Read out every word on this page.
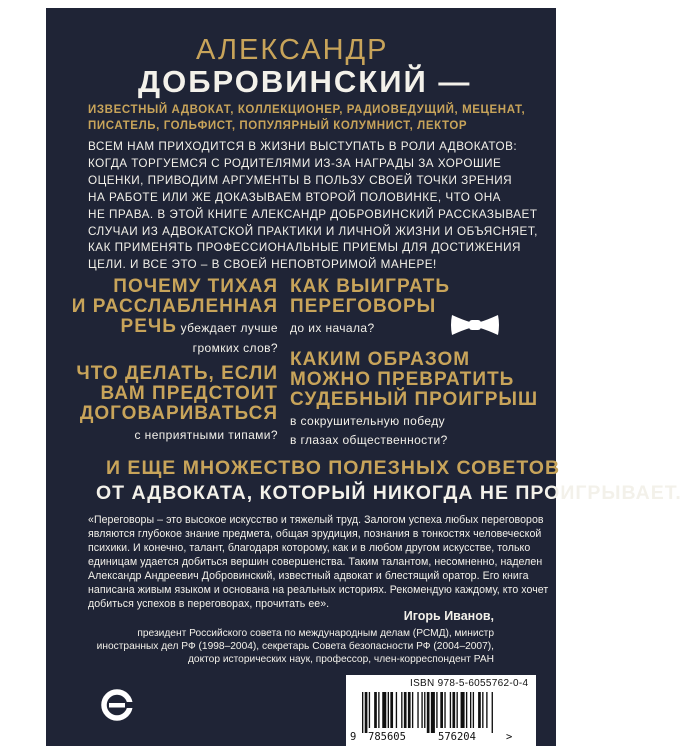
АЛЕКСАНДР
ДОБРОВИНСКИЙ —

ИЗВЕСТНЫЙ АДВОКАТ, КОЛЛЕКЦИОНЕР, РАДИОВЕДУЩИЙ, МЕЦЕНАТ,

ПИСАТЕЛЬ, ГОЛЬФИСТ, ПОПУЛЯРНЫЙ КОЛУМНИСТ, ЛЕКТОР

ВСЕМ НАМ ПРИХОДИТСЯ В ЖИЗНИ ВЫСТУПАТЬ В РОЛИ АДВОКАТОВ:
КОГДА ТОРГУЕМСЯ С РОДИТЕЛЯМИ ИЗ-ЗА НАГРАДЫ ЗА ХОРОШИЕ
ОЦЕНКИ, ПРИВОДИМ АРГУМЕНТЫ В ПОЛЬЗУ СВОЕЙ ТОЧКИ ЗРЕНИЯ
НА РАБОТЕ ИЛИ ЖЕ ДОКАЗЫВАЕМ ВТОРОЙ ПОЛОВИНКЕ, ЧТО ОНА
НЕ ПРАВА. В ЭТОЙ КНИГЕ АЛЕКСАНДР ДОБРОВИНСКИЙ РАССКАЗЫВАЕТ
СЛУЧАИ ИЗ АДВОКАТСКОЙ ПРАКТИКИ И ЛИЧНОЙ ЖИЗНИ И ОБЪЯСНЯЕТ,
КАК ПРИМЕНЯТЬ ПРОФЕССИОНАЛЬНЫЕ ПРИЕМЫ ДЛЯ ДОСТИЖЕНИЯ
ЦЕЛИ. И ВСЕ ЭТО – В СВОЕЙ НЕПОВТОРИМОЙ МАНЕРЕ!
ПОЧЕМУ ТИХАЯ
И РАССЛАБЛЕННАЯ
РЕЧЬ убеждает лучше
громких слов?
КАК ВЫИГРАТЬ
ПЕРЕГОВОРЫ
до их начала?
ЧТО ДЕЛАТЬ, ЕСЛИ
ВАМ ПРЕДСТОИТ
ДОГОВАРИВАТЬСЯ
с неприятными типами?
КАКИМ ОБРАЗОМ
МОЖНО ПРЕВРАТИТЬ
СУДЕБНЫЙ ПРОИГРЫШ
в сокрушительную победу
в глазах общественности?

И ЕЩЕ МНОЖЕСТВО ПОЛЕЗНЫХ СОВЕТОВ

ОТ АДВОКАТА, КОТОРЫЙ НИКОГДА НЕ ПРОИГРЫВАЕТ.

«Переговоры – это высокое искусство и тяжелый труд. Залогом успеха любых переговоров
являются глубокое знание предмета, общая эрудиция, познания в тонкостях человеческой
психики. И конечно, талант, благодаря которому, как и в любом другом искусстве, только
единицам удается добиться вершин совершенства. Таким талантом, несомненно, наделен
Александр Андреевич Добровинский, известный адвокат и блестящий оратор. Его книга
написана живым языком и основана на реальных историях. Рекомендую каждому, кто хочет
добиться успехов в переговорах, прочитать ее».

Игорь Иванов,

президент Российского совета по международным делам (РСМД), министр
иностранных дел РФ (1998–2004), секретарь Совета безопасности РФ (2004–2007),
доктор исторических наук, профессор, член-корреспондент РАН
ISBN 978-5-6055762-0-4
9 785605	576204	>
